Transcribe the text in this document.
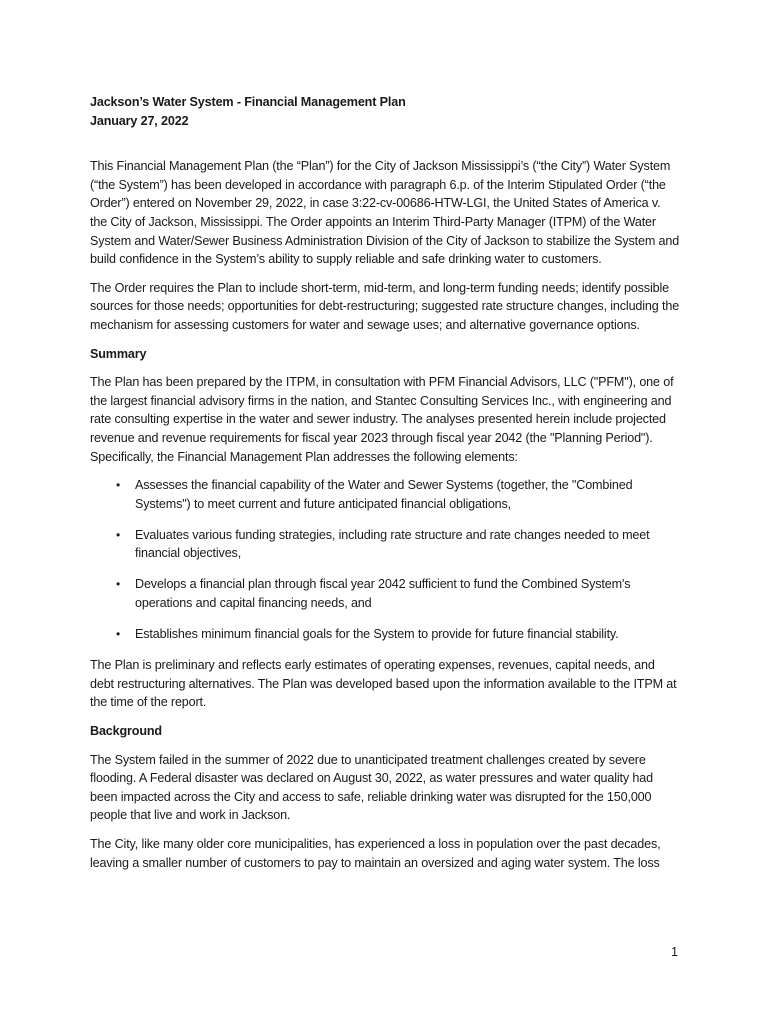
Jackson’s Water System - Financial Management Plan
January 27, 2022

This Financial Management Plan (the “Plan”) for the City of Jackson Mississippi’s (“the City”) Water System (“the System”) has been developed in accordance with paragraph 6.p. of the Interim Stipulated Order (“the Order”) entered on November 29, 2022, in case 3:22-cv-00686-HTW-LGI, the United States of America v. the City of Jackson, Mississippi. The Order appoints an Interim Third-Party Manager (ITPM) of the Water System and Water/Sewer Business Administration Division of the City of Jackson to stabilize the System and build confidence in the System’s ability to supply reliable and safe drinking water to customers.

The Order requires the Plan to include short-term, mid-term, and long-term funding needs; identify possible sources for those needs; opportunities for debt-restructuring; suggested rate structure changes, including the mechanism for assessing customers for water and sewage uses; and alternative governance options.

Summary

The Plan has been prepared by the ITPM, in consultation with PFM Financial Advisors, LLC ("PFM"), one of the largest financial advisory firms in the nation, and Stantec Consulting Services Inc., with engineering and rate consulting expertise in the water and sewer industry. The analyses presented herein include projected revenue and revenue requirements for fiscal year 2023 through fiscal year 2042 (the "Planning Period"). Specifically, the Financial Management Plan addresses the following elements:

• Assesses the financial capability of the Water and Sewer Systems (together, the "Combined Systems") to meet current and future anticipated financial obligations,
• Evaluates various funding strategies, including rate structure and rate changes needed to meet financial objectives,
• Develops a financial plan through fiscal year 2042 sufficient to fund the Combined System's operations and capital financing needs, and
• Establishes minimum financial goals for the System to provide for future financial stability.

The Plan is preliminary and reflects early estimates of operating expenses, revenues, capital needs, and debt restructuring alternatives. The Plan was developed based upon the information available to the ITPM at the time of the report.

Background

The System failed in the summer of 2022 due to unanticipated treatment challenges created by severe flooding. A Federal disaster was declared on August 30, 2022, as water pressures and water quality had been impacted across the City and access to safe, reliable drinking water was disrupted for the 150,000 people that live and work in Jackson.

The City, like many older core municipalities, has experienced a loss in population over the past decades, leaving a smaller number of customers to pay to maintain an oversized and aging water system. The loss

1
